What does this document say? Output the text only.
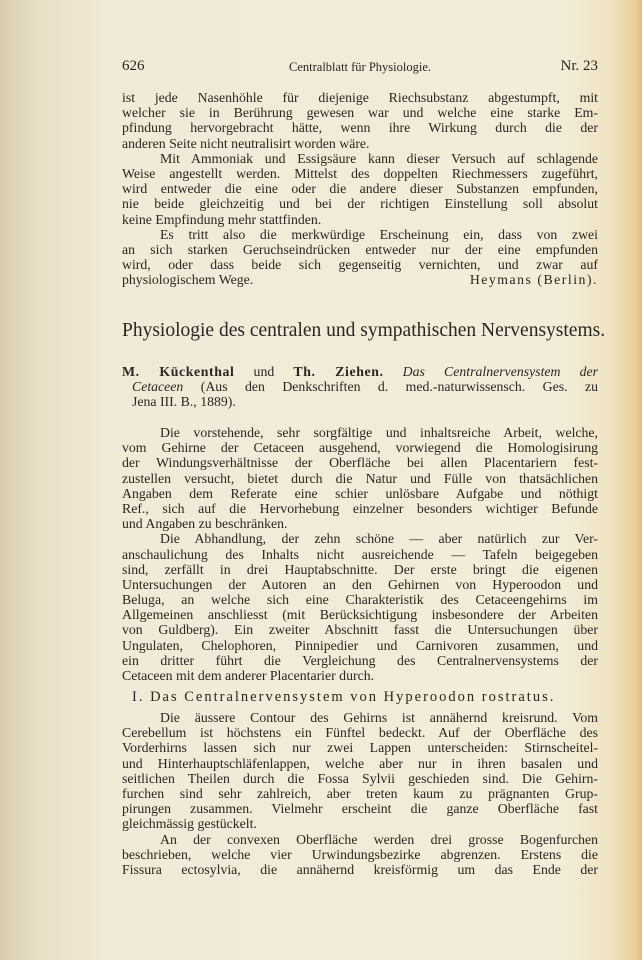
626	Centralblatt für Physiologie.	Nr. 23
ist jede Nasenhöhle für diejenige Riechsubstanz abgestumpft, mit
welcher sie in Berührung gewesen war und welche eine starke Em-
pfindung hervorgebracht hätte, wenn ihre Wirkung durch die der
anderen Seite nicht neutralisirt worden wäre.
Mit Ammoniak und Essigsäure kann dieser Versuch auf schlagende
Weise angestellt werden. Mittelst des doppelten Riechmessers zugeführt,
wird entweder die eine oder die andere dieser Substanzen empfunden,
nie beide gleichzeitig und bei der richtigen Einstellung soll absolut
keine Empfindung mehr stattfinden.
Es tritt also die merkwürdige Erscheinung ein, dass von zwei
an sich starken Geruchseindrücken entweder nur der eine empfunden
wird, oder dass beide sich gegenseitig vernichten, und zwar auf
Heymans (Berlin).
physiologischem Wege.
Physiologie des centralen und sympathischen Nervensystems.
M. Kückenthal und Th. Ziehen. Das Centralnervensystem der
Cetaceen (Aus den Denkschriften d. med.-naturwissensch. Ges. zu
Jena III. B., 1889).
Die vorstehende, sehr sorgfältige und inhaltsreiche Arbeit, welche,
vom Gehirne der Cetaceen ausgehend, vorwiegend die Homologisirung
der Windungsverhältnisse der Oberfläche bei allen Placentariern fest-
zustellen versucht, bietet durch die Natur und Fülle von thatsächlichen
Angaben dem Referate eine schier unlösbare Aufgabe und nöthigt
Ref., sich auf die Hervorhebung einzelner besonders wichtiger Befunde
und Angaben zu beschränken.
Die Abhandlung, der zehn schöne — aber natürlich zur Ver-
anschaulichung des Inhalts nicht ausreichende — Tafeln beigegeben
sind, zerfällt in drei Hauptabschnitte. Der erste bringt die eigenen
Untersuchungen der Autoren an den Gehirnen von Hyperoodon und
Beluga, an welche sich eine Charakteristik des Cetaceengehirns im
Allgemeinen anschliesst (mit Berücksichtigung insbesondere der Arbeiten
von Guldberg). Ein zweiter Abschnitt fasst die Untersuchungen über
Ungulaten, Chelophoren, Pinnipedier und Carnivoren zusammen, und
ein dritter führt die Vergleichung des Centralnervensystems der
Cetaceen mit dem anderer Placentarier durch.
I. Das Centralnervensystem von Hyperoodon rostratus.
Die äussere Contour des Gehirns ist annähernd kreisrund. Vom
Cerebellum ist höchstens ein Fünftel bedeckt. Auf der Oberfläche des
Vorderhirns lassen sich nur zwei Lappen unterscheiden: Stirnscheitel-
und Hinterhauptschläfenlappen, welche aber nur in ihren basalen und
seitlichen Theilen durch die Fossa Sylvii geschieden sind. Die Gehirn-
furchen sind sehr zahlreich, aber treten kaum zu prägnanten Grup-
pirungen zusammen. Vielmehr erscheint die ganze Oberfläche fast
gleichmässig gestückelt.
An der convexen Oberfläche werden drei grosse Bogenfurchen
beschrieben, welche vier Urwindungsbezirke abgrenzen. Erstens die
Fissura ectosylvia, die annähernd kreisförmig um das Ende der
